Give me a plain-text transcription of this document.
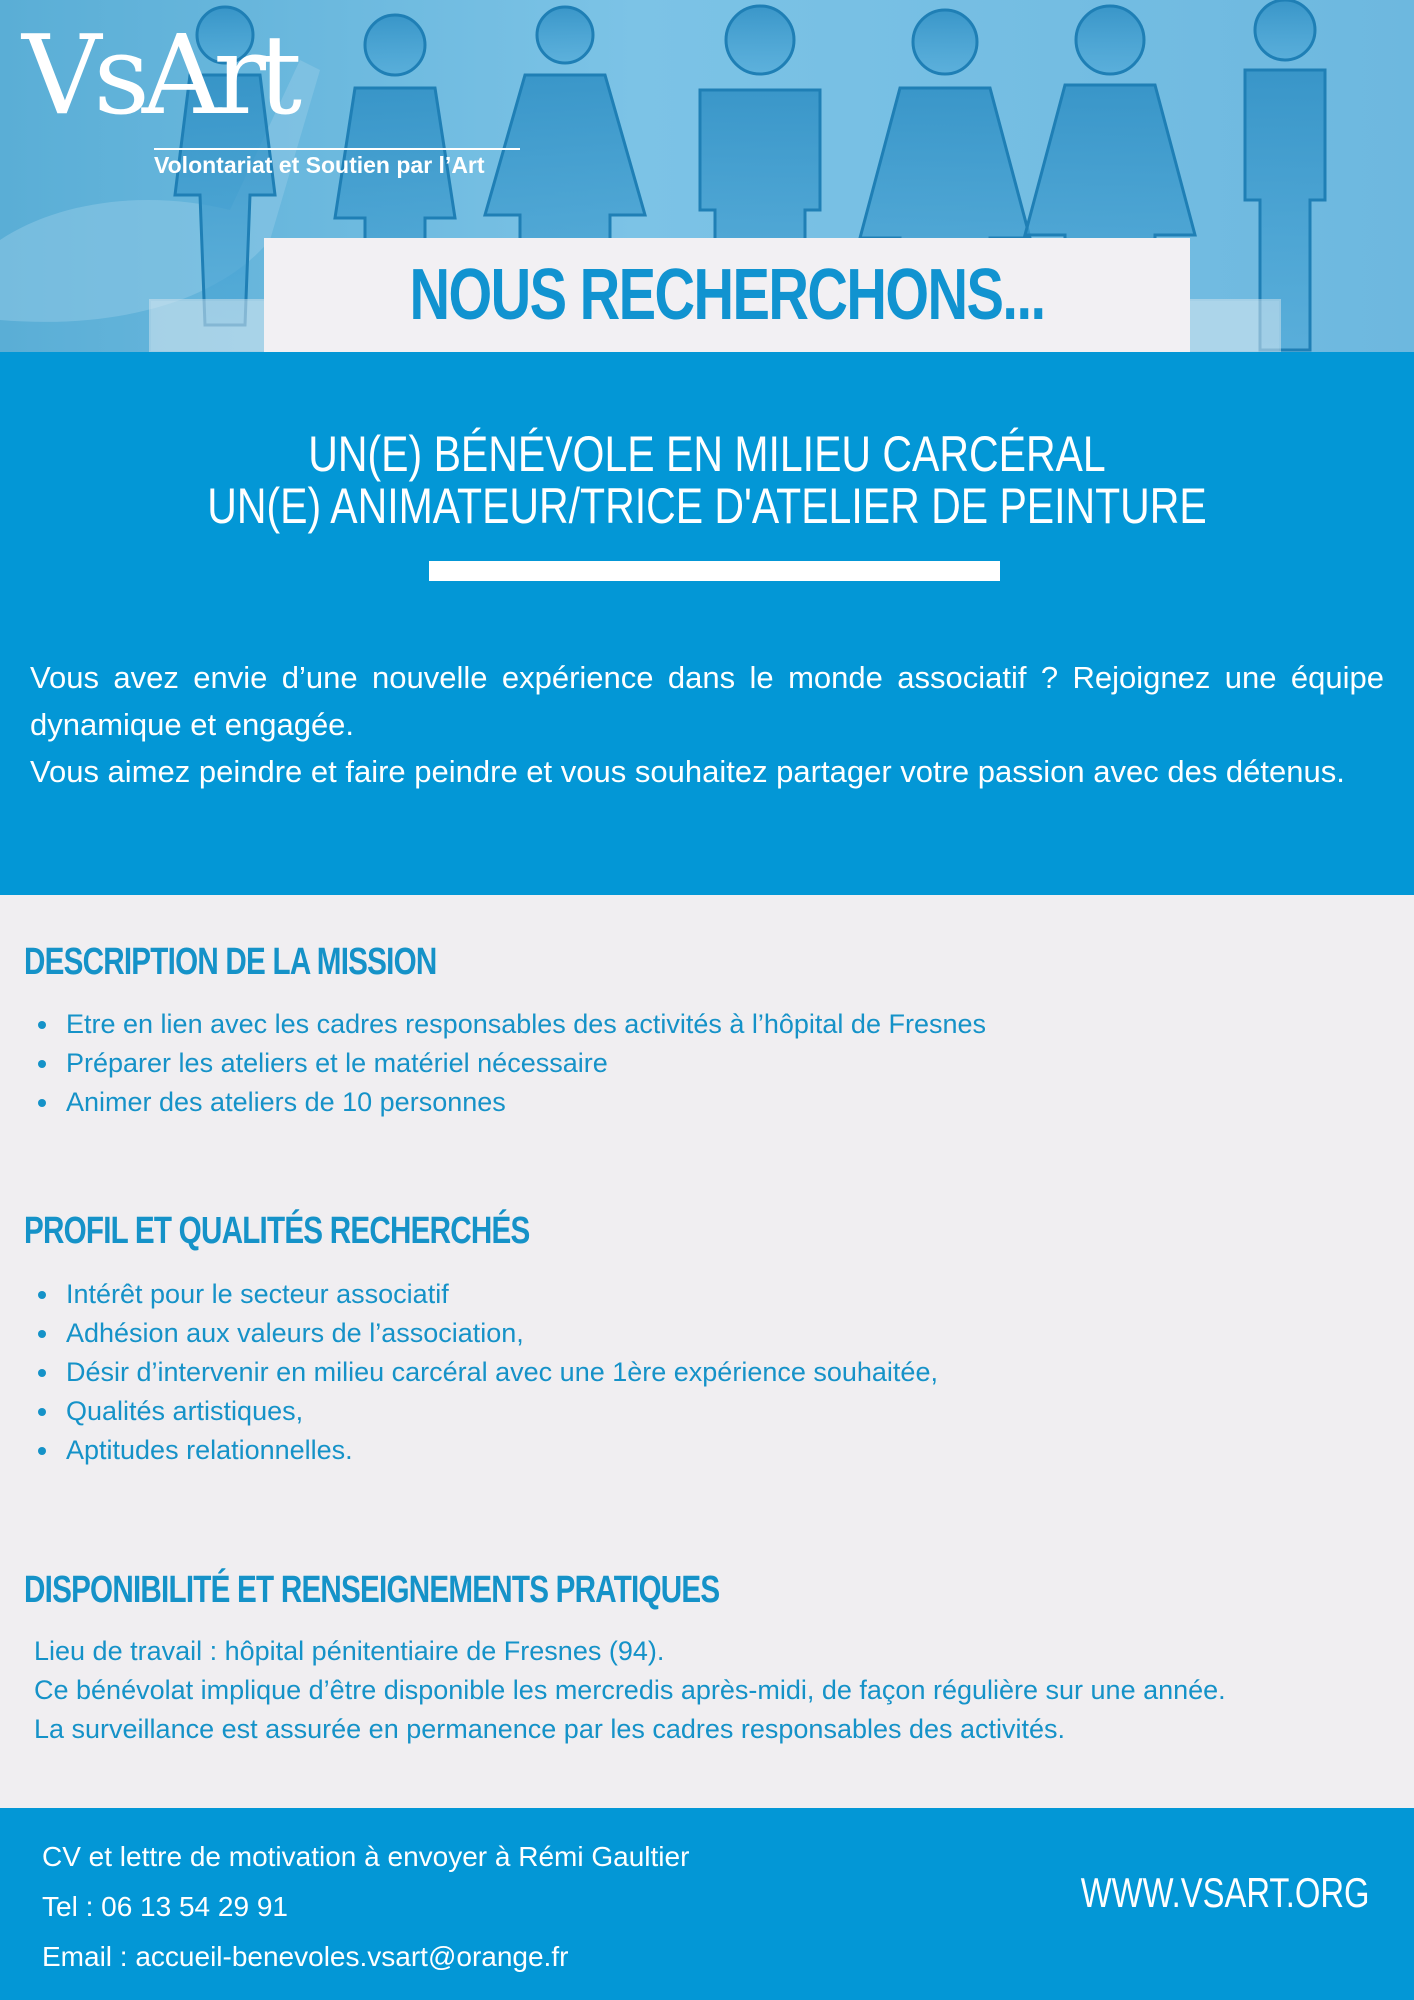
VsArt
Volontariat et Soutien par l’Art
NOUS RECHERCHONS...
UN(E) BÉNÉVOLE EN MILIEU CARCÉRAL
UN(E) ANIMATEUR/TRICE D'ATELIER DE PEINTURE

Vous avez envie d’une nouvelle expérience dans le monde associatif ? Rejoignez une équipe dynamique et engagée.

Vous aimez peindre et faire peindre et vous souhaitez partager votre passion avec des détenus.

DESCRIPTION DE LA MISSION
Etre en lien avec les cadres responsables des activités à l’hôpital de Fresnes
Préparer les ateliers et le matériel nécessaire
Animer des ateliers de 10 personnes
PROFIL ET QUALITÉS RECHERCHÉS
Intérêt pour le secteur associatif
Adhésion aux valeurs de l’association,
Désir d’intervenir en milieu carcéral avec une 1ère expérience souhaitée,
Qualités artistiques,
Aptitudes relationnelles.
DISPONIBILITÉ ET RENSEIGNEMENTS PRATIQUES
Lieu de travail : hôpital pénitentiaire de Fresnes (94).
Ce bénévolat implique d’être disponible les mercredis après-midi, de façon régulière sur une année.
La surveillance est assurée en permanence par les cadres responsables des activités.
CV et lettre de motivation à envoyer à Rémi Gaultier
Tel : 06 13 54 29 91
Email : accueil-benevoles.vsart@orange.fr
WWW.VSART.ORG
